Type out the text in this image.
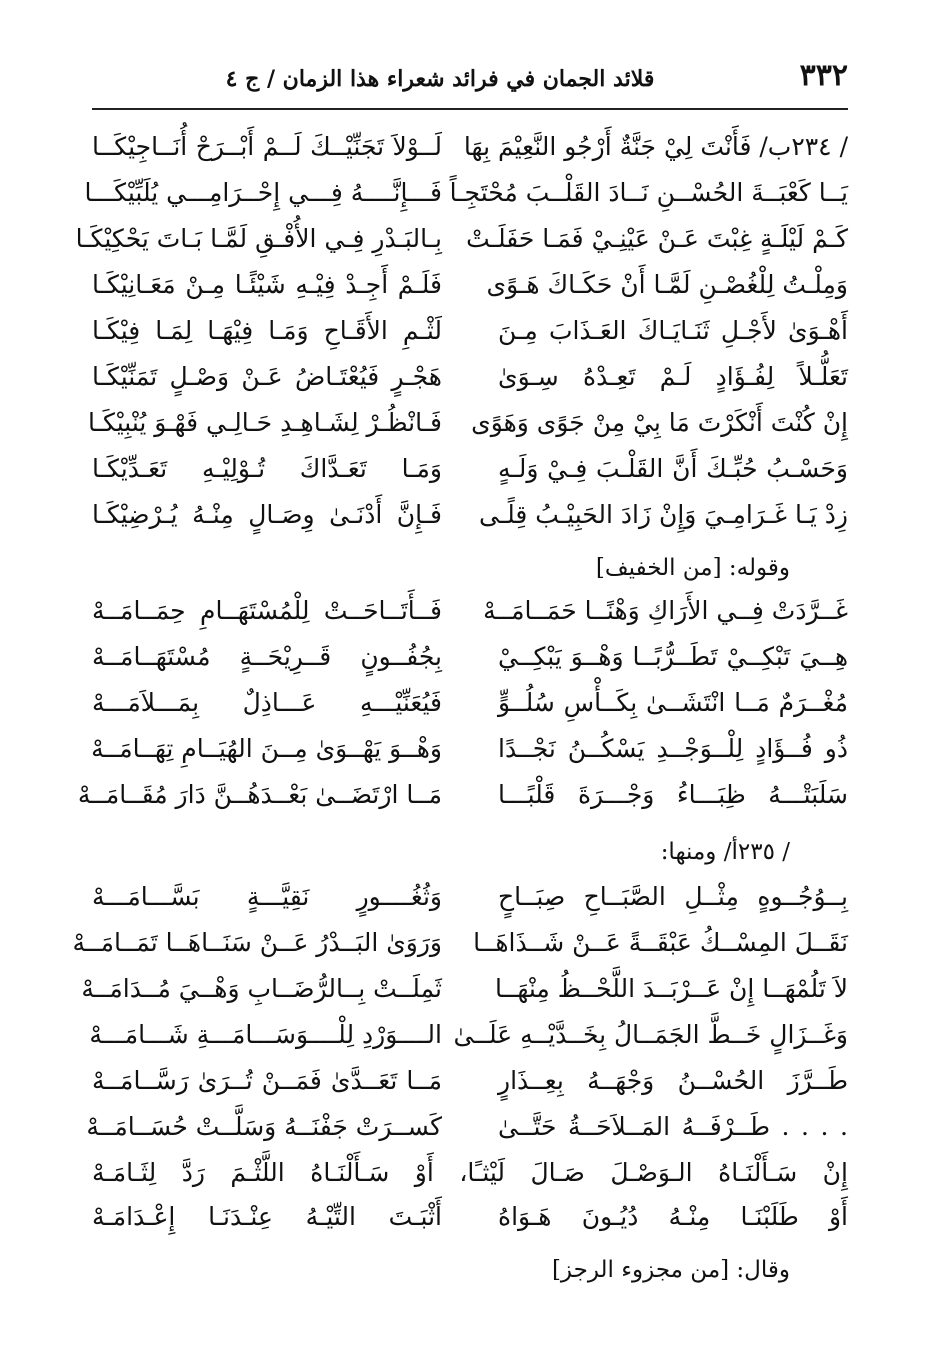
٣٣٢
قلائد الجمان في فرائد شعراء هذا الزمان / ج ٤
/ ٢٣٤ب/ فَأَنْتَ لِيْ جَنَّةٌ أَرْجُو النَّعِيْمَ بِهَا
لَــوْلاَ تَجَنِّيْــكَ لَــمْ أَبْــرَحْ أُنَــاجِيْكَــا
يَــا كَعْبَــةَ الحُسْــنِ نَــادَ القَلْــبَ مُحْتَجِـاً
فَـــإِنَّــــهُ فِـــي إِحْــرَامِـــي يُلَبِّيْكَـــا
كَـمْ لَيْلَـةٍ غِبْتَ عَـنْ عَيْنِـيْ فَمَـا حَفَلَـتْ
بِـالبَـدْرِ فِـي الأُفْـقِ لَمَّـا بَـاتَ يَحْكِيْكَـا
وَمِلْـتُ لِلْغُصْـنِ لَمَّـا أَنْ حَكَـاكَ هَـوًى
فَلَـمْ أَجِـدْ فِيْـهِ شَيْئًـا مِـنْ مَعَـانِيْكَـا
أَهْـوَىٰ لأَجْـلِ ثَنَـايَـاكَ العَـذَابَ مِـنَ
لَثْـمِ الأَقَـاحِ وَمَـا فِيْهَـا لِمَـا فِيْكَـا
تَعَلُّـلاً لِفُـؤَادٍ لَـمْ تَعِـدْهُ سِـوَىٰ
هَجْـرٍ فَيُعْتَـاضُ عَـنْ وَصْـلٍ تَمَنِّيْكَـا
إِنْ كُنْتَ أَنْكَرْتَ مَا بِيْ مِنْ جَوًى وَهَوًى
فَـانْظُـرْ لِشَـاهِـدِ حَـالِـي فَهْـوَ يُنْبِيْكَـا
وَحَسْـبُ حُبِّـكَ أَنَّ القَلْـبَ فِـيْ وَلَـهٍ
وَمَـا تَعَـدَّاكَ تُـوْلِيْـهِ تَعَـدِّيْكَـا
زِدْ يَـا غَـرَامِـيَ وَإِنْ زَادَ الحَبِيْـبُ قِلًـى
فَـإِنَّ أَدْنَـىٰ وِصَـالٍ مِنْـهُ يُـرْضِيْكَـا
وقوله: [من الخفيف]
غَــرَّدَتْ فِــي الأَرَاكِ وَهْنًــا حَمَــامَــهْ
فَــأَتَــاحَــتْ لِلْمُسْتَهَــامِ حِمَــامَــهْ
هِــيَ تَبْكِــيْ تَطَــرُّبًــا وَهْــوَ يَبْكِــيْ
بِجُفُــونٍ قَــرِيْحَــةٍ مُسْتَهَــامَــهْ
مُغْــرَمٌ مَــا انْتَشَــىٰ بِكَــأْسِ سُلُــوٍّ
فَيُعَنِّيْـــهِ عَـــاذِلٌ بِمَـــلاَمَـــهْ
ذُو فُــؤَادٍ لِلْــوَجْــدِ يَسْكُــنُ نَجْــدًا
وَهْــوَ يَهْــوَىٰ مِــنَ الهُيَــامِ تِهَــامَــهْ
سَلَبَتْـــهُ ظِبَـــاءُ وَجْـــرَةَ قَلْبًـــا
مَــا ارْتَضَــىٰ بَعْــدَهُــنَّ دَارَ مُقَــامَــهْ
/ ٢٣٥أ/ ومنها:
بِــوُجُــوهٍ مِثْــلِ الصَّبَــاحِ صِبَــاحٍ
وَثُغُــــورٍ نَقِيَّـــةٍ بَسَّـــامَـــهْ
نَقَــلَ المِسْــكُ عَبْقَــةً عَــنْ شَــذَاهَــا
وَرَوَىٰ البَــدْرُ عَــنْ سَنَــاهَــا تَمَــامَــهْ
لاَ تَلُمْهَــا إِنْ عَــرْبَــدَ اللَّحْــظُ مِنْهَــا
ثَمِلَــتْ بِــالرُّضَــابِ وَهْــيَ مُــدَامَــهْ
وَغَــزَالٍ خَــطَّ الجَمَــالُ بِخَــدَّيْــهِ عَلَــىٰ
الــــوَرْدِ لِلْــــوَسَـــامَـــةِ شَـــامَـــهْ
طَــرَّزَ الحُسْــنُ وَجْهَــهُ بِعِــذَارٍ
مَــا تَعَــدَّىٰ فَمَــنْ تُــرَىٰ رَسَّــامَــهْ
. . . . طَــرْفَــهُ المَــلاَحَــةُ حَتَّــىٰ
كَســرَتْ جَفْنَــهُ وَسَلَّــتْ حُسَــامَــهْ
إِنْ سَـأَلْنَـاهُ الـوَصْـلَ صَـالَ لَيْثـًا، أَوْ سَـأَلْنَـاهُ اللَّثْـمَ رَدَّ لِثَـامَـهْ
أَوْ طَلَبْنَـا مِنْـهُ دُيُـونَ هَـوَاهُ
أَثْبَـتَ التِّيْـهُ عِنْـدَنَـا إِعْـدَامَـهْ
وقال: [من مجزوء الرجز]
